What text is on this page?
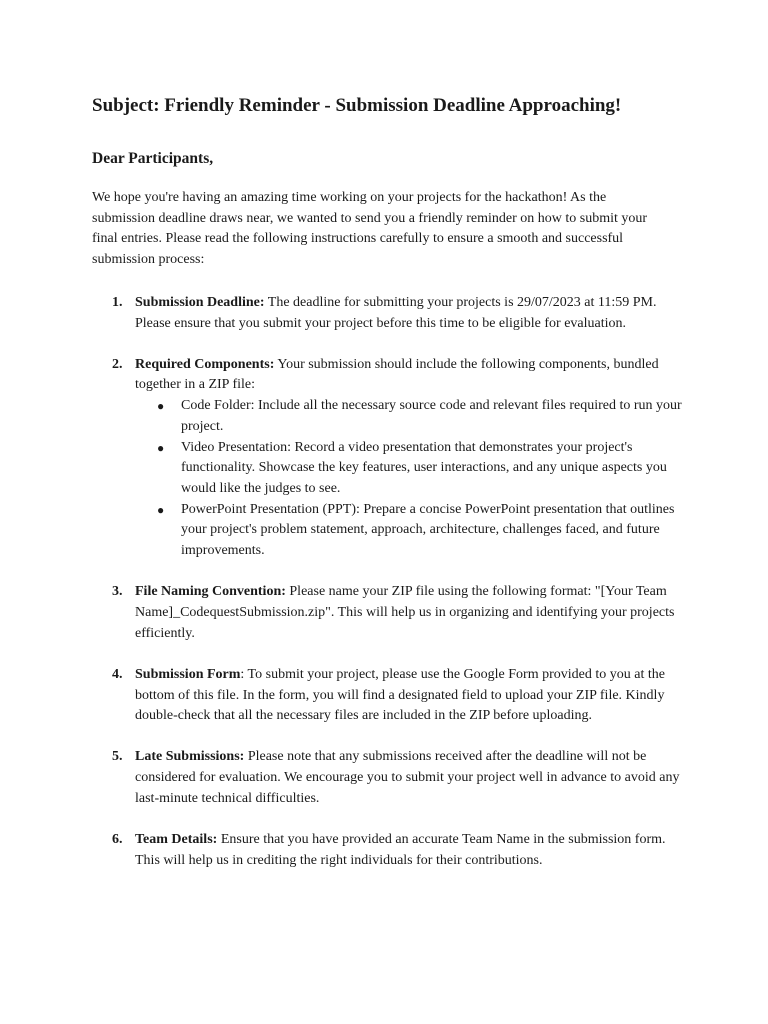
Subject: Friendly Reminder - Submission Deadline Approaching!

Dear Participants,

We hope you're having an amazing time working on your projects for the hackathon! As the submission deadline draws near, we wanted to send you a friendly reminder on how to submit your final entries. Please read the following instructions carefully to ensure a smooth and successful submission process:

1. Submission Deadline: The deadline for submitting your projects is 29/07/2023 at 11:59 PM. Please ensure that you submit your project before this time to be eligible for evaluation.
2. Required Components: Your submission should include the following components, bundled together in a ZIP file:
● Code Folder: Include all the necessary source code and relevant files required to run your project.
● Video Presentation: Record a video presentation that demonstrates your project's functionality. Showcase the key features, user interactions, and any unique aspects you would like the judges to see.
● PowerPoint Presentation (PPT): Prepare a concise PowerPoint presentation that outlines your project's problem statement, approach, architecture, challenges faced, and future improvements.
3. File Naming Convention: Please name your ZIP file using the following format: "[Your Team Name]_CodequestSubmission.zip". This will help us in organizing and identifying your projects efficiently.
4. Submission Form: To submit your project, please use the Google Form provided to you at the bottom of this file. In the form, you will find a designated field to upload your ZIP file. Kindly double-check that all the necessary files are included in the ZIP before uploading.
5. Late Submissions: Please note that any submissions received after the deadline will not be considered for evaluation. We encourage you to submit your project well in advance to avoid any last-minute technical difficulties.
6. Team Details: Ensure that you have provided an accurate Team Name in the submission form. This will help us in crediting the right individuals for their contributions.
